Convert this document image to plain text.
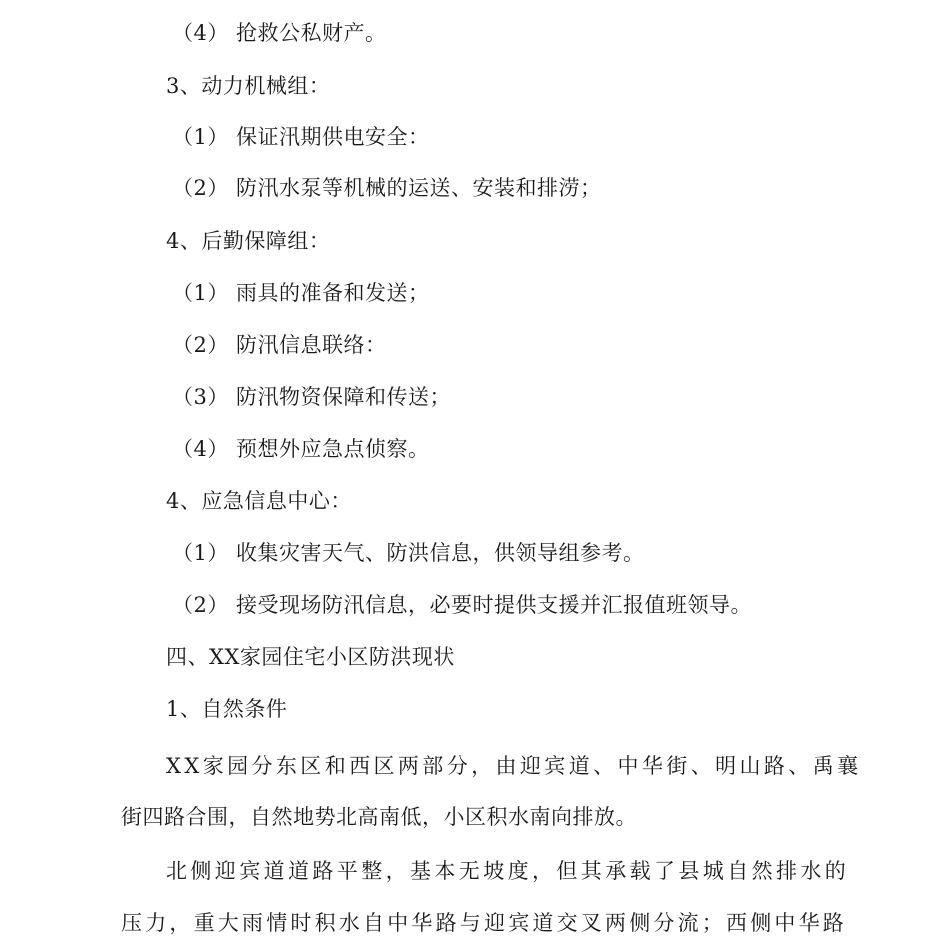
（4） 抢救公私财产。
3、动力机械组：
（1） 保证汛期供电安全：
（2） 防汛水泵等机械的运送、安装和排涝；
4、后勤保障组：
（1） 雨具的准备和发送；
（2） 防汛信息联络：
（3） 防汛物资保障和传送；
（4） 预想外应急点侦察。
4、应急信息中心：
（1） 收集灾害天气、防洪信息，供领导组参考。
（2） 接受现场防汛信息，必要时提供支援并汇报值班领导。
四、XX家园住宅小区防洪现状
1、自然条件
XX家园分东区和西区两部分，由迎宾道、中华街、明山路、禹襄
街四路合围，自然地势北高南低，小区积水南向排放。
北侧迎宾道道路平整，基本无坡度，但其承载了县城自然排水的
压力，重大雨情时积水自中华路与迎宾道交叉两侧分流；西侧中华路
